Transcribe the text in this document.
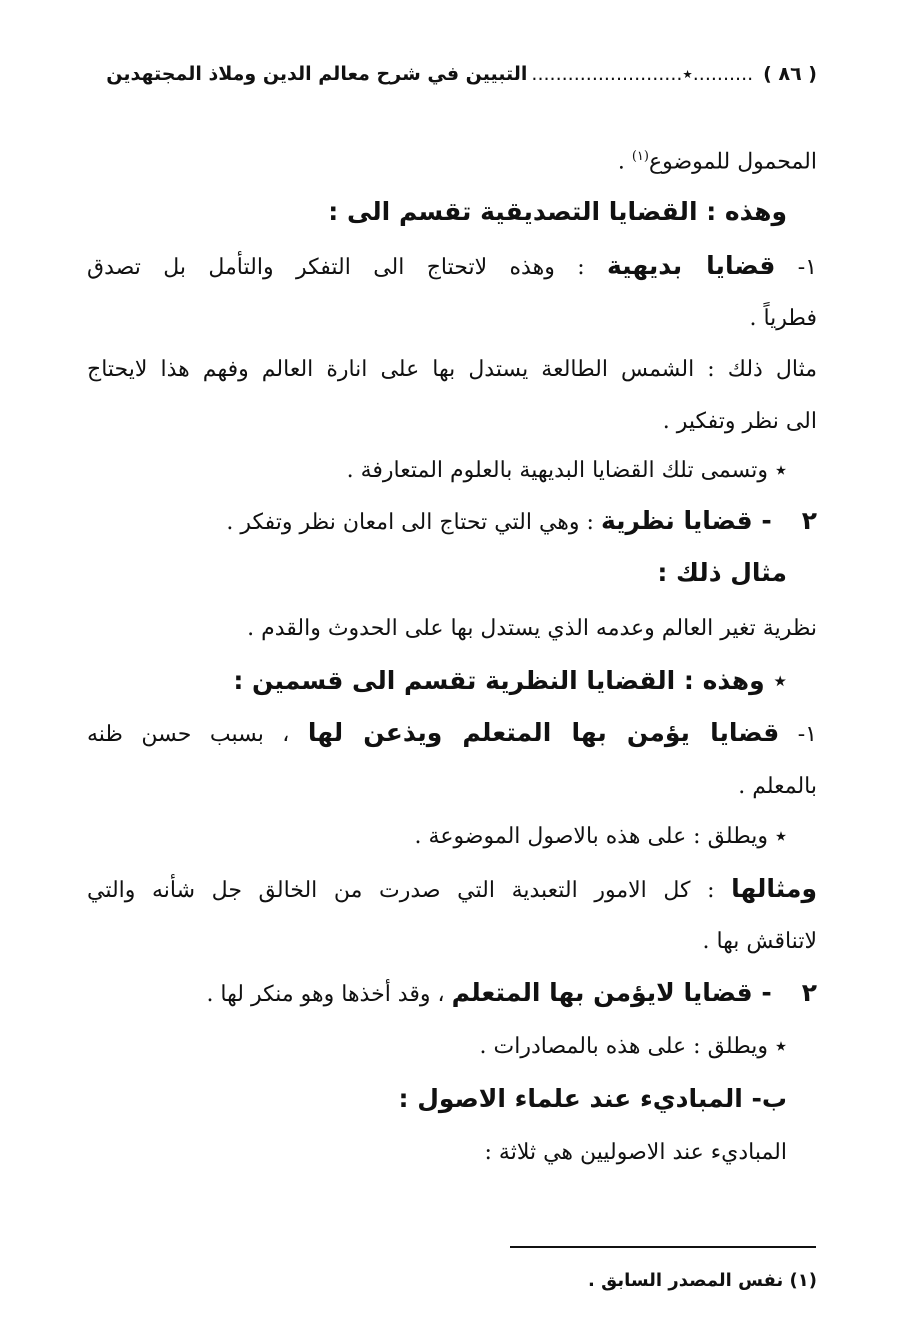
( ٨٦ )
..........٭.........................
التبيين في شرح معالم الدين وملاذ المجتهدين
المحمول للموضوع$^{(١)}$ .
وهذه : القضايا التصديقية تقسم الى :
١- قضايا بديهية : وهذه لاتحتاج الى التفكر والتأمل بل تصدق
فطرياً .
مثال ذلك : الشمس الطالعة يستدل بها على انارة العالم وفهم هذا لايحتاج
الى نظر وتفكير .
٭ وتسمى تلك القضايا البديهية بالعلوم المتعارفة .
٢- قضايا نظرية : وهي التي تحتاج الى امعان نظر وتفكر .
مثال ذلك :
نظرية تغير العالم وعدمه الذي يستدل بها على الحدوث والقدم .
٭ وهذه : القضايا النظرية تقسم الى قسمين :
١- قضايا يؤمن بها المتعلم ويذعن لها ، بسبب حسن ظنه
بالمعلم .
٭ ويطلق : على هذه بالاصول الموضوعة .
ومثالها : كل الامور التعبدية التي صدرت من الخالق جل شأنه والتي
لاتناقش بها .
٢- قضايا لايؤمن بها المتعلم ، وقد أخذها وهو منكر لها .
٭ ويطلق : على هذه بالمصادرات .
ب- المباديء عند علماء الاصول :
المباديء عند الاصوليين هي ثلاثة :
(١) نفس المصدر السابق .
